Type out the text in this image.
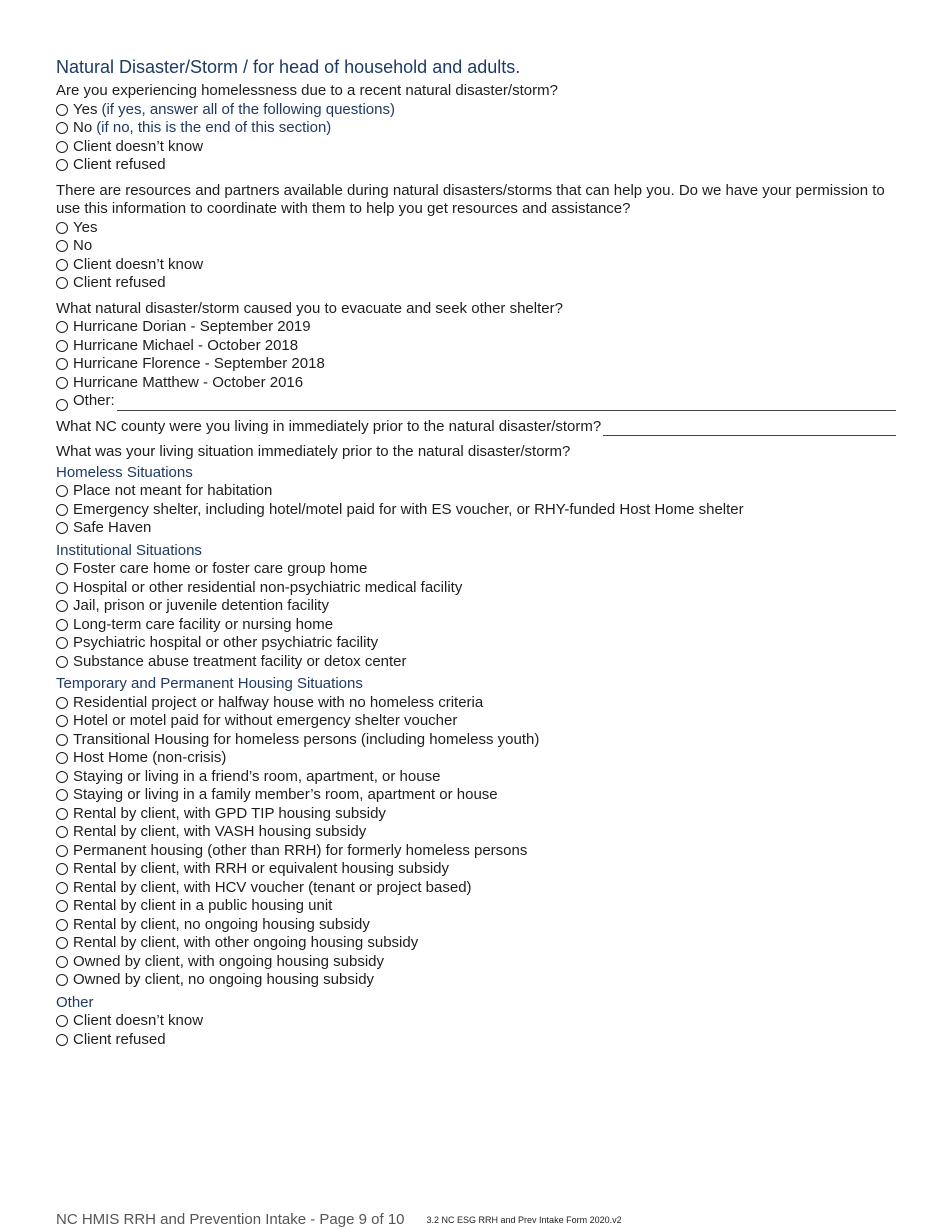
Natural Disaster/Storm / for head of household and adults.
Are you experiencing homelessness due to a recent natural disaster/storm?
Yes (if yes, answer all of the following questions)
No (if no, this is the end of this section)
Client doesn’t know
Client refused
There are resources and partners available during natural disasters/storms that can help you. Do we have your permission to use this information to coordinate with them to help you get resources and assistance?
Yes
No
Client doesn’t know
Client refused
What natural disaster/storm caused you to evacuate and seek other shelter?
Hurricane Dorian - September 2019
Hurricane Michael - October 2018
Hurricane Florence - September 2018
Hurricane Matthew - October 2016
Other:
What NC county were you living in immediately prior to the natural disaster/storm?
What was your living situation immediately prior to the natural disaster/storm?
Homeless Situations
Place not meant for habitation
Emergency shelter, including hotel/motel paid for with ES voucher, or RHY-funded Host Home shelter
Safe Haven
Institutional Situations
Foster care home or foster care group home
Hospital or other residential non-psychiatric medical facility
Jail, prison or juvenile detention facility
Long-term care facility or nursing home
Psychiatric hospital or other psychiatric facility
Substance abuse treatment facility or detox center
Temporary and Permanent Housing Situations
Residential project or halfway house with no homeless criteria
Hotel or motel paid for without emergency shelter voucher
Transitional Housing for homeless persons (including homeless youth)
Host Home (non-crisis)
Staying or living in a friend’s room, apartment, or house
Staying or living in a family member’s room, apartment or house
Rental by client, with GPD TIP housing subsidy
Rental by client, with VASH housing subsidy
Permanent housing (other than RRH) for formerly homeless persons
Rental by client, with RRH or equivalent housing subsidy
Rental by client, with HCV voucher (tenant or project based)
Rental by client in a public housing unit
Rental by client, no ongoing housing subsidy
Rental by client, with other ongoing housing subsidy
Owned by client, with ongoing housing subsidy
Owned by client, no ongoing housing subsidy
Other
Client doesn’t know
Client refused
NC HMIS RRH and Prevention Intake - Page 9 of 10 3.2 NC ESG RRH and Prev Intake Form 2020.v2
